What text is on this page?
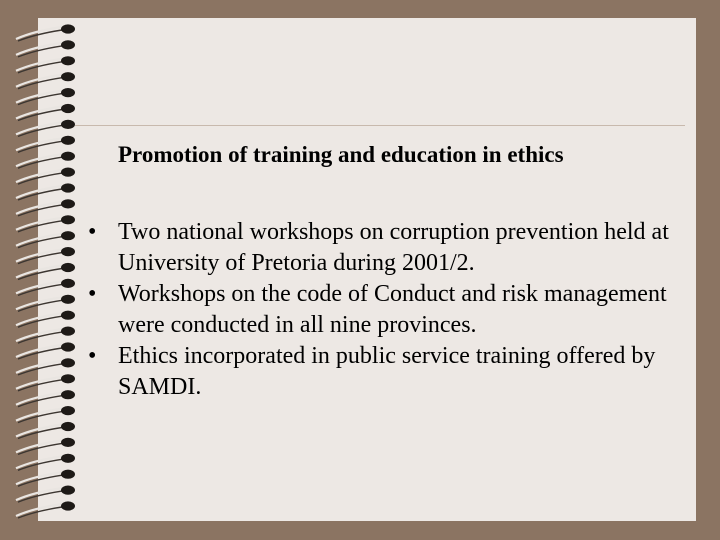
Promotion of training and education in ethics
• Two national workshops on corruption prevention held at University of Pretoria during 2001/2.
• Workshops on the code of Conduct and risk management were conducted in all nine provinces.
• Ethics incorporated in public service training offered by SAMDI.
